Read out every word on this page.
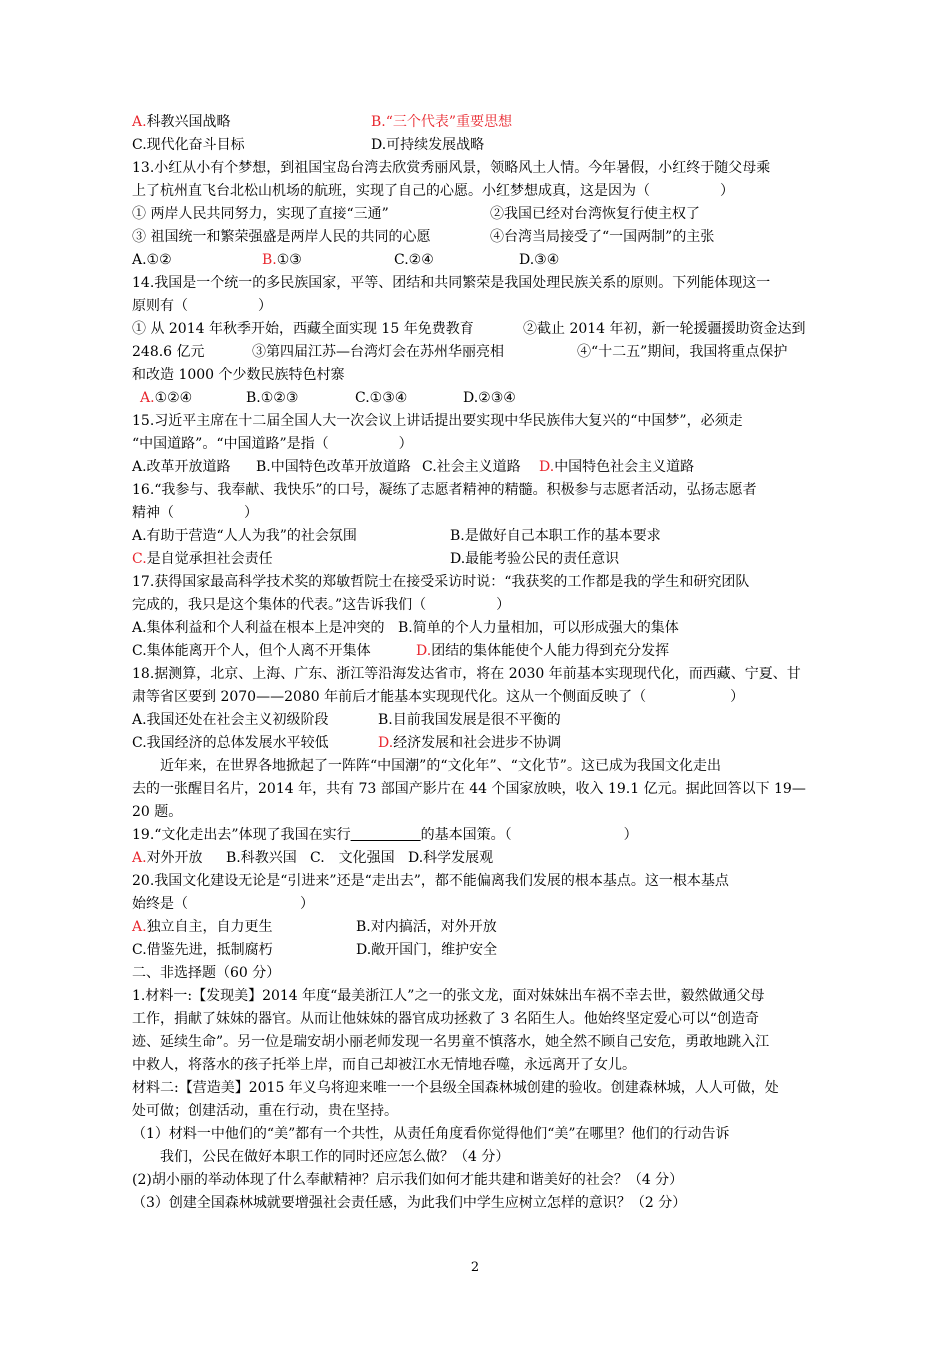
A.科教兴国战略	B.“三个代表”重要思想
C.现代化奋斗目标	D.可持续发展战略
13.小红从小有个梦想，到祖国宝岛台湾去欣赏秀丽风景，领略风土人情。今年暑假，小红终于随父母乘
上了杭州直飞台北松山机场的航班，实现了自己的心愿。小红梦想成真，这是因为（　　　　　）
① 两岸人民共同努力，实现了直接“三通”	②我国已经对台湾恢复行使主权了
③ 祖国统一和繁荣强盛是两岸人民的共同的心愿	④台湾当局接受了“一国两制”的主张
A.①②	B.①③	C.②④	D.③④
14.我国是一个统一的多民族国家，平等、团结和共同繁荣是我国处理民族关系的原则。下列能体现这一
原则有（　　　　　）
① 从 2014 年秋季开始，西藏全面实现 15 年免费教育	②截止 2014 年初，新一轮援疆援助资金达到
248.6 亿元	③第四届江苏—台湾灯会在苏州华丽亮相	④“十二五”期间，我国将重点保护
和改造 1000 个少数民族特色村寨
A.①②④	B.①②③	C.①③④	D.②③④
15.习近平主席在十二届全国人大一次会议上讲话提出要实现中华民族伟大复兴的“中国梦”，必须走
“中国道路”。“中国道路”是指（　　　　　）
A.改革开放道路 B.中国特色改革开放道路 C.社会主义道路 D.中国特色社会主义道路
16.“我参与、我奉献、我快乐”的口号，凝练了志愿者精神的精髓。积极参与志愿者活动，弘扬志愿者
精神（　　　　　）
A.有助于营造“人人为我”的社会氛围	B.是做好自己本职工作的基本要求
C.是自觉承担社会责任	D.最能考验公民的责任意识
17.获得国家最高科学技术奖的郑敏哲院士在接受采访时说：“我获奖的工作都是我的学生和研究团队
完成的，我只是这个集体的代表。”这告诉我们（　　　　　）
A.集体利益和个人利益在根本上是冲突的 B.简单的个人力量相加，可以形成强大的集体
C.集体能离开个人，但个人离不开集体	D.团结的集体能使个人能力得到充分发挥
18.据测算，北京、上海、广东、浙江等沿海发达省市，将在 2030 年前基本实现现代化，而西藏、宁夏、甘
肃等省区要到 2070——2080 年前后才能基本实现现代化。这从一个侧面反映了（　　　　　　）
A.我国还处在社会主义初级阶段	B.目前我国发展是很不平衡的
C.我国经济的总体发展水平较低	D.经济发展和社会进步不协调
近年来，在世界各地掀起了一阵阵“中国潮”的“文化年”、“文化节”。这已成为我国文化走出
去的一张醒目名片，2014 年，共有 73 部国产影片在 44 个国家放映，收入 19.1 亿元。据此回答以下 19—
20 题。
19.“文化走出去”体现了我国在实行　　　　　	的基本国策。（　　　　　　　　）
A.对外开放 B.科教兴国 C.　文化强国 D.科学发展观
20.我国文化建设无论是“引进来”还是“走出去”，都不能偏离我们发展的根本基点。这一根本基点
始终是（　　　　　　　　）
A.独立自主，自力更生	B.对内搞活，对外开放
C.借鉴先进，抵制腐朽	D.敞开国门，维护安全
二、非选择题（60 分）
1.材料一:【发现美】2014 年度“最美浙江人”之一的张文龙，面对妹妹出车祸不幸去世，毅然做通父母
工作，捐献了妹妹的器官。从而让他妹妹的器官成功拯救了 3 名陌生人。他始终坚定爱心可以“创造奇
迹、延续生命”。另一位是瑞安胡小丽老师发现一名男童不慎落水，她全然不顾自己安危，勇敢地跳入江
中救人，将落水的孩子托举上岸，而自己却被江水无情地吞噬，永远离开了女儿。
材料二:【营造美】2015 年义乌将迎来唯一一个县级全国森林城创建的验收。创建森林城，人人可做，处
处可做；创建活动，重在行动，贵在坚持。
（1）材料一中他们的“美”都有一个共性，从责任角度看你觉得他们“美”在哪里？他们的行动告诉
我们，公民在做好本职工作的同时还应怎么做？（4 分）
(2)胡小丽的举动体现了什么奉献精神？启示我们如何才能共建和谐美好的社会？（4 分）
（3）创建全国森林城就要增强社会责任感，为此我们中学生应树立怎样的意识？（2 分）
2
